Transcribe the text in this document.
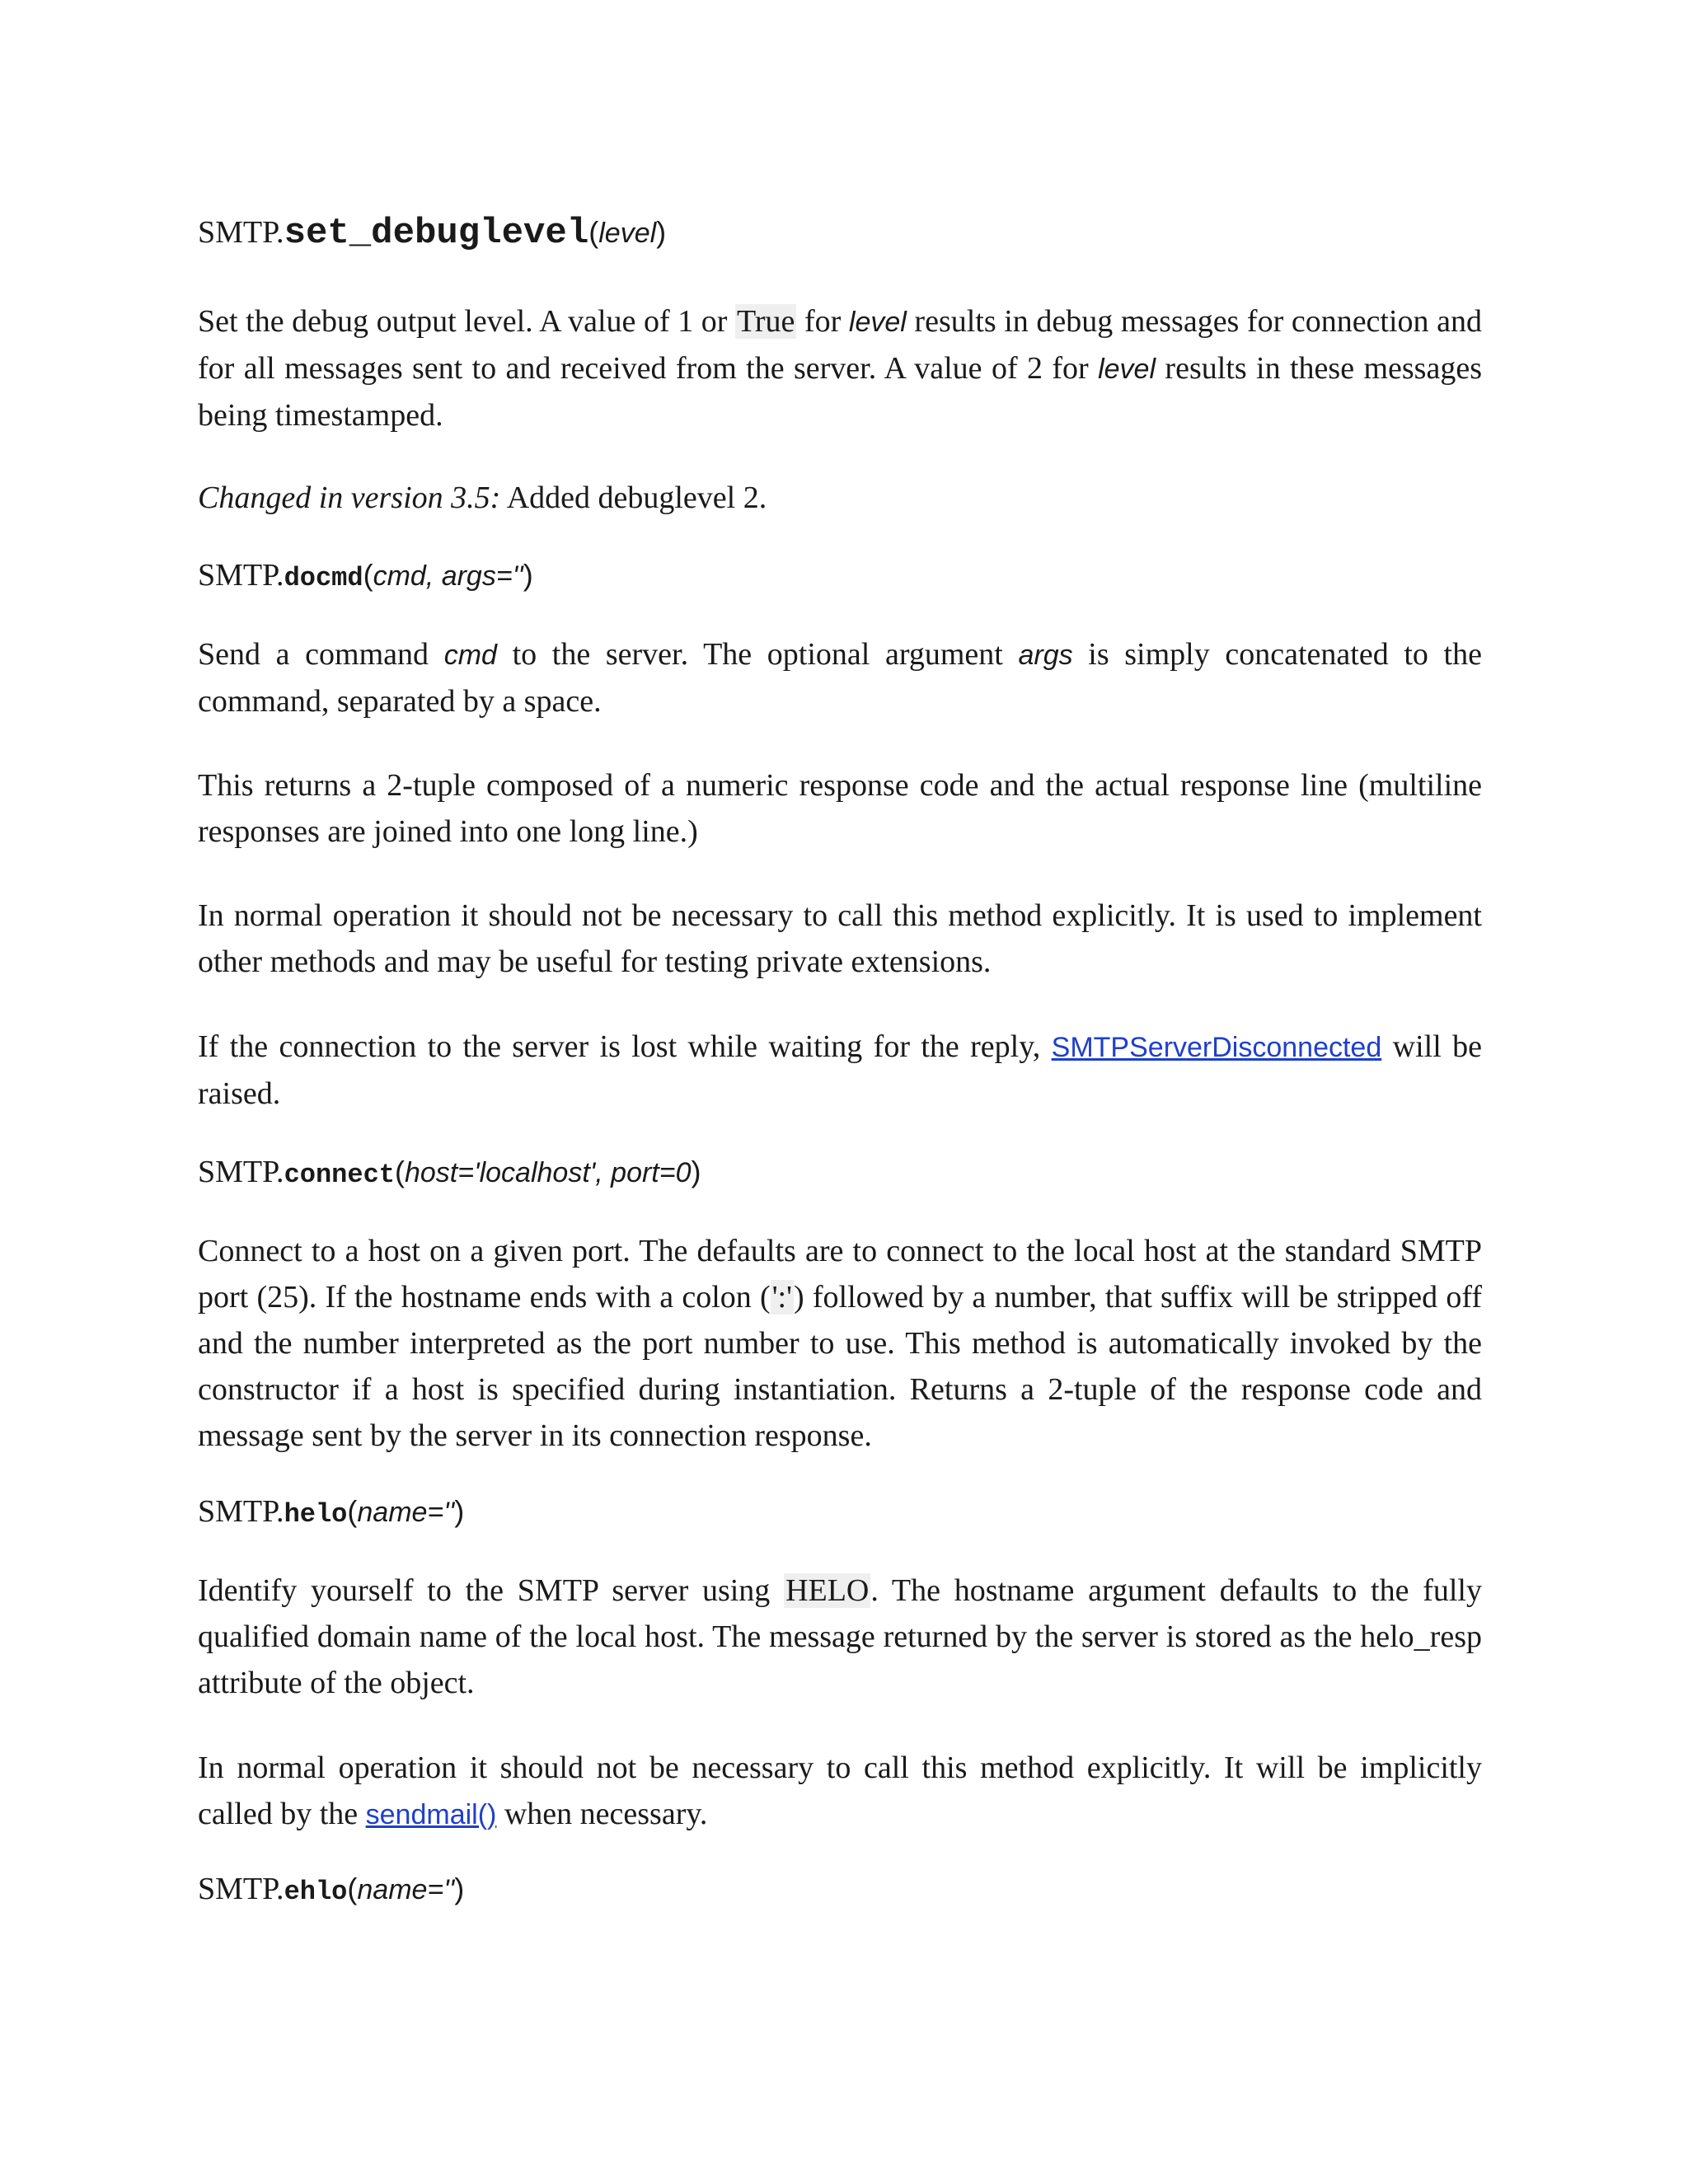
SMTP.set_debuglevel(level)

Set the debug output level. A value of 1 or True for level results in debug messages for connection and for all messages sent to and received from the server. A value of 2 for level results in these messages being timestamped.

Changed in version 3.5: Added debuglevel 2.

SMTP.docmd(cmd, args='')

Send a command cmd to the server. The optional argument args is simply concatenated to the command, separated by a space.

This returns a 2-tuple composed of a numeric response code and the actual response line (multiline responses are joined into one long line.)

In normal operation it should not be necessary to call this method explicitly. It is used to implement other methods and may be useful for testing private extensions.

If the connection to the server is lost while waiting for the reply, SMTPServerDisconnected will be raised.

SMTP.connect(host='localhost', port=0)

Connect to a host on a given port. The defaults are to connect to the local host at the standard SMTP port (25). If the hostname ends with a colon (':') followed by a number, that suffix will be stripped off and the number interpreted as the port number to use. This method is automatically invoked by the constructor if a host is specified during instantiation. Returns a 2-tuple of the response code and message sent by the server in its connection response.

SMTP.helo(name='')

Identify yourself to the SMTP server using HELO. The hostname argument defaults to the fully qualified domain name of the local host. The message returned by the server is stored as the helo_resp attribute of the object.

In normal operation it should not be necessary to call this method explicitly. It will be implicitly called by the sendmail() when necessary.

SMTP.ehlo(name='')
